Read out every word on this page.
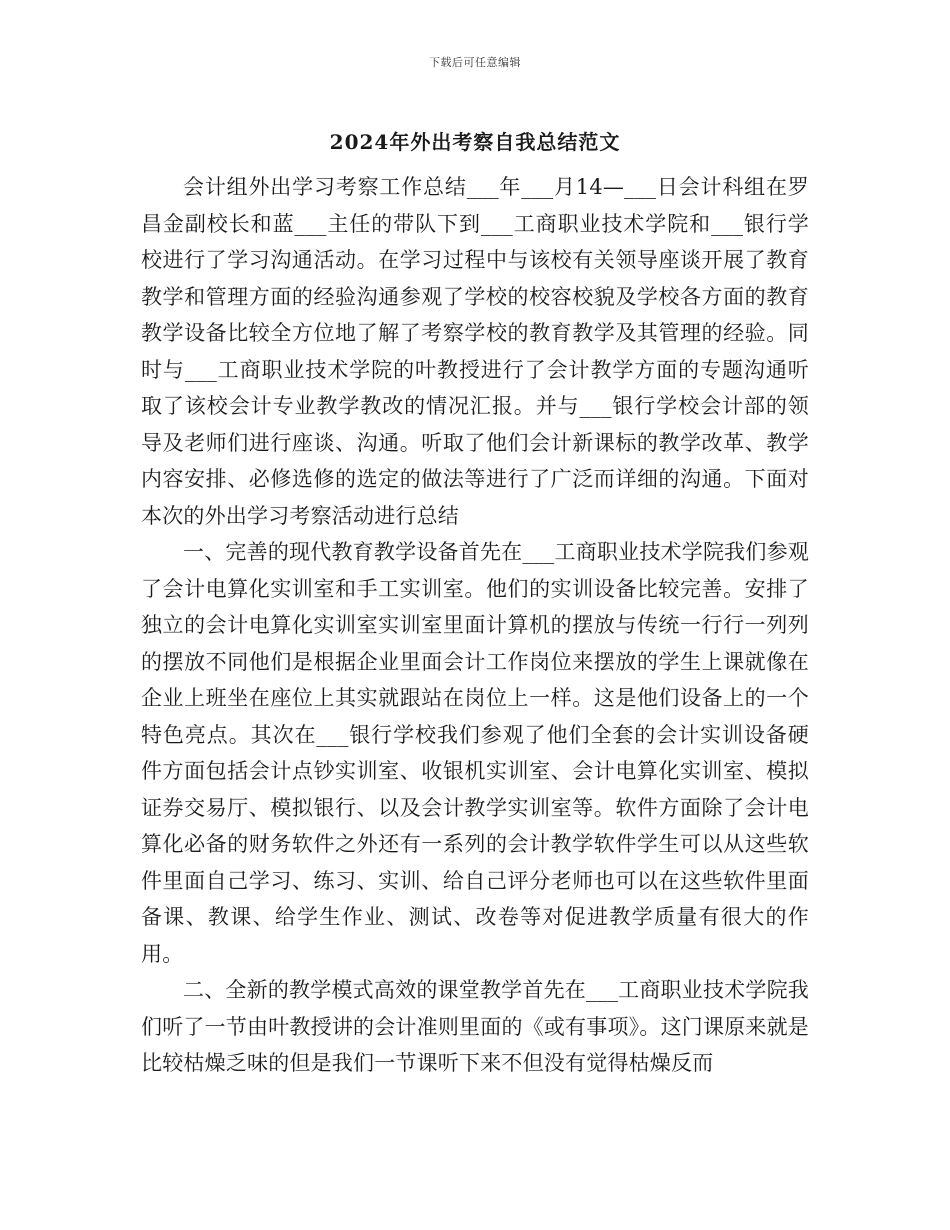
下载后可任意编辑
2024年外出考察自我总结范文

会计组外出学习考察工作总结___年___月14—___日会计科组在罗昌金副校长和蓝___主任的带队下到___工商职业技术学院和___银行学校进行了学习沟通活动。在学习过程中与该校有关领导座谈开展了教育教学和管理方面的经验沟通参观了学校的校容校貌及学校各方面的教育教学设备比较全方位地了解了考察学校的教育教学及其管理的经验。同时与___工商职业技术学院的叶教授进行了会计教学方面的专题沟通听取了该校会计专业教学教改的情况汇报。并与___银行学校会计部的领导及老师们进行座谈、沟通。听取了他们会计新课标的教学改革、教学内容安排、必修选修的选定的做法等进行了广泛而详细的沟通。下面对本次的外出学习考察活动进行总结

一、完善的现代教育教学设备首先在___工商职业技术学院我们参观了会计电算化实训室和手工实训室。他们的实训设备比较完善。安排了独立的会计电算化实训室实训室里面计算机的摆放与传统一行行一列列的摆放不同他们是根据企业里面会计工作岗位来摆放的学生上课就像在企业上班坐在座位上其实就跟站在岗位上一样。这是他们设备上的一个特色亮点。其次在___银行学校我们参观了他们全套的会计实训设备硬件方面包括会计点钞实训室、收银机实训室、会计电算化实训室、模拟证券交易厅、模拟银行、以及会计教学实训室等。软件方面除了会计电算化必备的财务软件之外还有一系列的会计教学软件学生可以从这些软件里面自己学习、练习、实训、给自己评分老师也可以在这些软件里面备课、教课、给学生作业、测试、改卷等对促进教学质量有很大的作用。

二、全新的教学模式高效的课堂教学首先在___工商职业技术学院我们听了一节由叶教授讲的会计准则里面的《或有事项》。这门课原来就是比较枯燥乏味的但是我们一节课听下来不但没有觉得枯燥反而
